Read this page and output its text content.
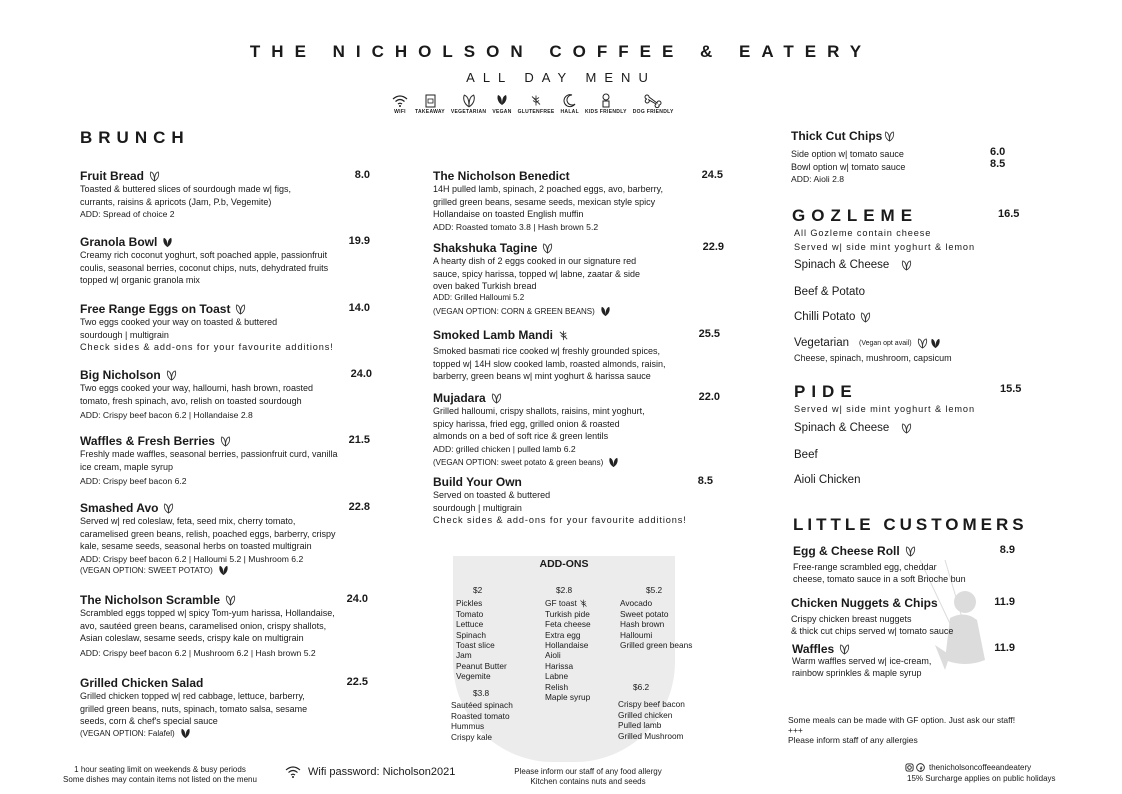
THE NICHOLSON COFFEE & EATERY
ALL DAY MENU
WIFI TAKEAWAY VEGETARIAN VEGAN GLUTENFREE HALAL KIDS FRIENDLY DOG FRIENDLY
BRUNCH
Fruit Bread	8.0
Toasted & buttered slices of sourdough made w| figs,
currants, raisins & apricots (Jam, P.b, Vegemite)
ADD: Spread of choice 2
Granola Bowl	19.9
Creamy rich coconut yoghurt, soft poached apple, passionfruit
coulis, seasonal berries, coconut chips, nuts, dehydrated fruits
topped w| organic granola mix
Free Range Eggs on Toast	14.0
Two eggs cooked your way on toasted & buttered
sourdough | multigrain
Check sides & add-ons for your favourite additions!
Big Nicholson	24.0
Two eggs cooked your way, halloumi, hash brown, roasted
tomato, fresh spinach, avo, relish on toasted sourdough
ADD: Crispy beef bacon 6.2 | Hollandaise 2.8
Waffles & Fresh Berries	21.5
Freshly made waffles, seasonal berries, passionfruit curd, vanilla
ice cream, maple syrup
ADD: Crispy beef bacon 6.2
Smashed Avo	22.8
Served w| red coleslaw, feta, seed mix, cherry tomato,
caramelised green beans, relish, poached eggs, barberry, crispy
kale, sesame seeds, seasonal herbs on toasted multigrain
ADD: Crispy beef bacon 6.2 | Halloumi 5.2 | Mushroom 6.2
(VEGAN OPTION: SWEET POTATO)
The Nicholson Scramble	24.0
Scrambled eggs topped w| spicy Tom-yum harissa, Hollandaise,
avo, sautéed green beans, caramelised onion, crispy shallots,
Asian coleslaw, sesame seeds, crispy kale on multigrain
ADD: Crispy beef bacon 6.2 | Mushroom 6.2 | Hash brown 5.2
Grilled Chicken Salad	22.5
Grilled chicken topped w| red cabbage, lettuce, barberry,
grilled green beans, nuts, spinach, tomato salsa, sesame
seeds, corn & chef's special sauce
(VEGAN OPTION: Falafel)
The Nicholson Benedict	24.5
14H pulled lamb, spinach, 2 poached eggs, avo, barberry,
grilled green beans, sesame seeds, mexican style spicy
Hollandaise on toasted English muffin
ADD: Roasted tomato 3.8 | Hash brown 5.2
Shakshuka Tagine	22.9
A hearty dish of 2 eggs cooked in our signature red
sauce, spicy harissa, topped w| labne, zaatar & side
oven baked Turkish bread
ADD: Grilled Halloumi 5.2
(VEGAN OPTION: CORN & GREEN BEANS)
Smoked Lamb Mandi	25.5
Smoked basmati rice cooked w| freshly grounded spices,
topped w| 14H slow cooked lamb, roasted almonds, raisin,
barberry, green beans w| mint yoghurt & harissa sauce
Mujadara	22.0
Grilled halloumi, crispy shallots, raisins, mint yoghurt,
spicy harissa, fried egg, grilled onion & roasted
almonds on a bed of soft rice & green lentils
ADD: grilled chicken | pulled lamb 6.2
(VEGAN OPTION: sweet potato & green beans)
Build Your Own	8.5
Served on toasted & buttered
sourdough | multigrain
Check sides & add-ons for your favourite additions!
ADD-ONS
$2
Pickles
Tomato
Lettuce
Spinach
Toast slice
Jam
Peanut Butter
Vegemite
$2.8
GF toast
Turkish pide
Feta cheese
Extra egg
Hollandaise
Aioli
Harissa
Labne
Relish
Maple syrup
$5.2
Avocado
Sweet potato
Hash brown
Halloumi
Grilled green beans
$3.8
Sautéed spinach
Roasted tomato
Hummus
Crispy kale
$6.2
Crispy beef bacon
Grilled chicken
Pulled lamb
Grilled Mushroom
Thick Cut Chips
Side option w| tomato sauce
Bowl option w| tomato sauce
ADD: Aioli 2.8
6.0
8.5
GOZLEME	16.5
All Gozleme contain cheese
Served w| side mint yoghurt & lemon
Spinach & Cheese
Beef & Potato
Chilli Potato
Vegetarian (Vegan opt avail)
Cheese, spinach, mushroom, capsicum
PIDE	15.5
Served w| side mint yoghurt & lemon
Spinach & Cheese
Beef
Aioli Chicken
LITTLE CUSTOMERS
Egg & Cheese Roll	8.9
Free-range scrambled egg, cheddar
cheese, tomato sauce in a soft Brioche bun
Chicken Nuggets & Chips	11.9
Crispy chicken breast nuggets
& thick cut chips served w| tomato sauce
Waffles	11.9
Warm waffles served w| ice-cream,
rainbow sprinkles & maple syrup
Some meals can be made with GF option. Just ask our staff!
+++
Please inform staff of any allergies
1 hour seating limit on weekends & busy periods
Some dishes may contain items not listed on the menu
Wifi password: Nicholson2021	Please inform our staff of any food allergy
Kitchen contains nuts and seeds
thenicholsoncoffeeandeatery
15% Surcharge applies on public holidays
